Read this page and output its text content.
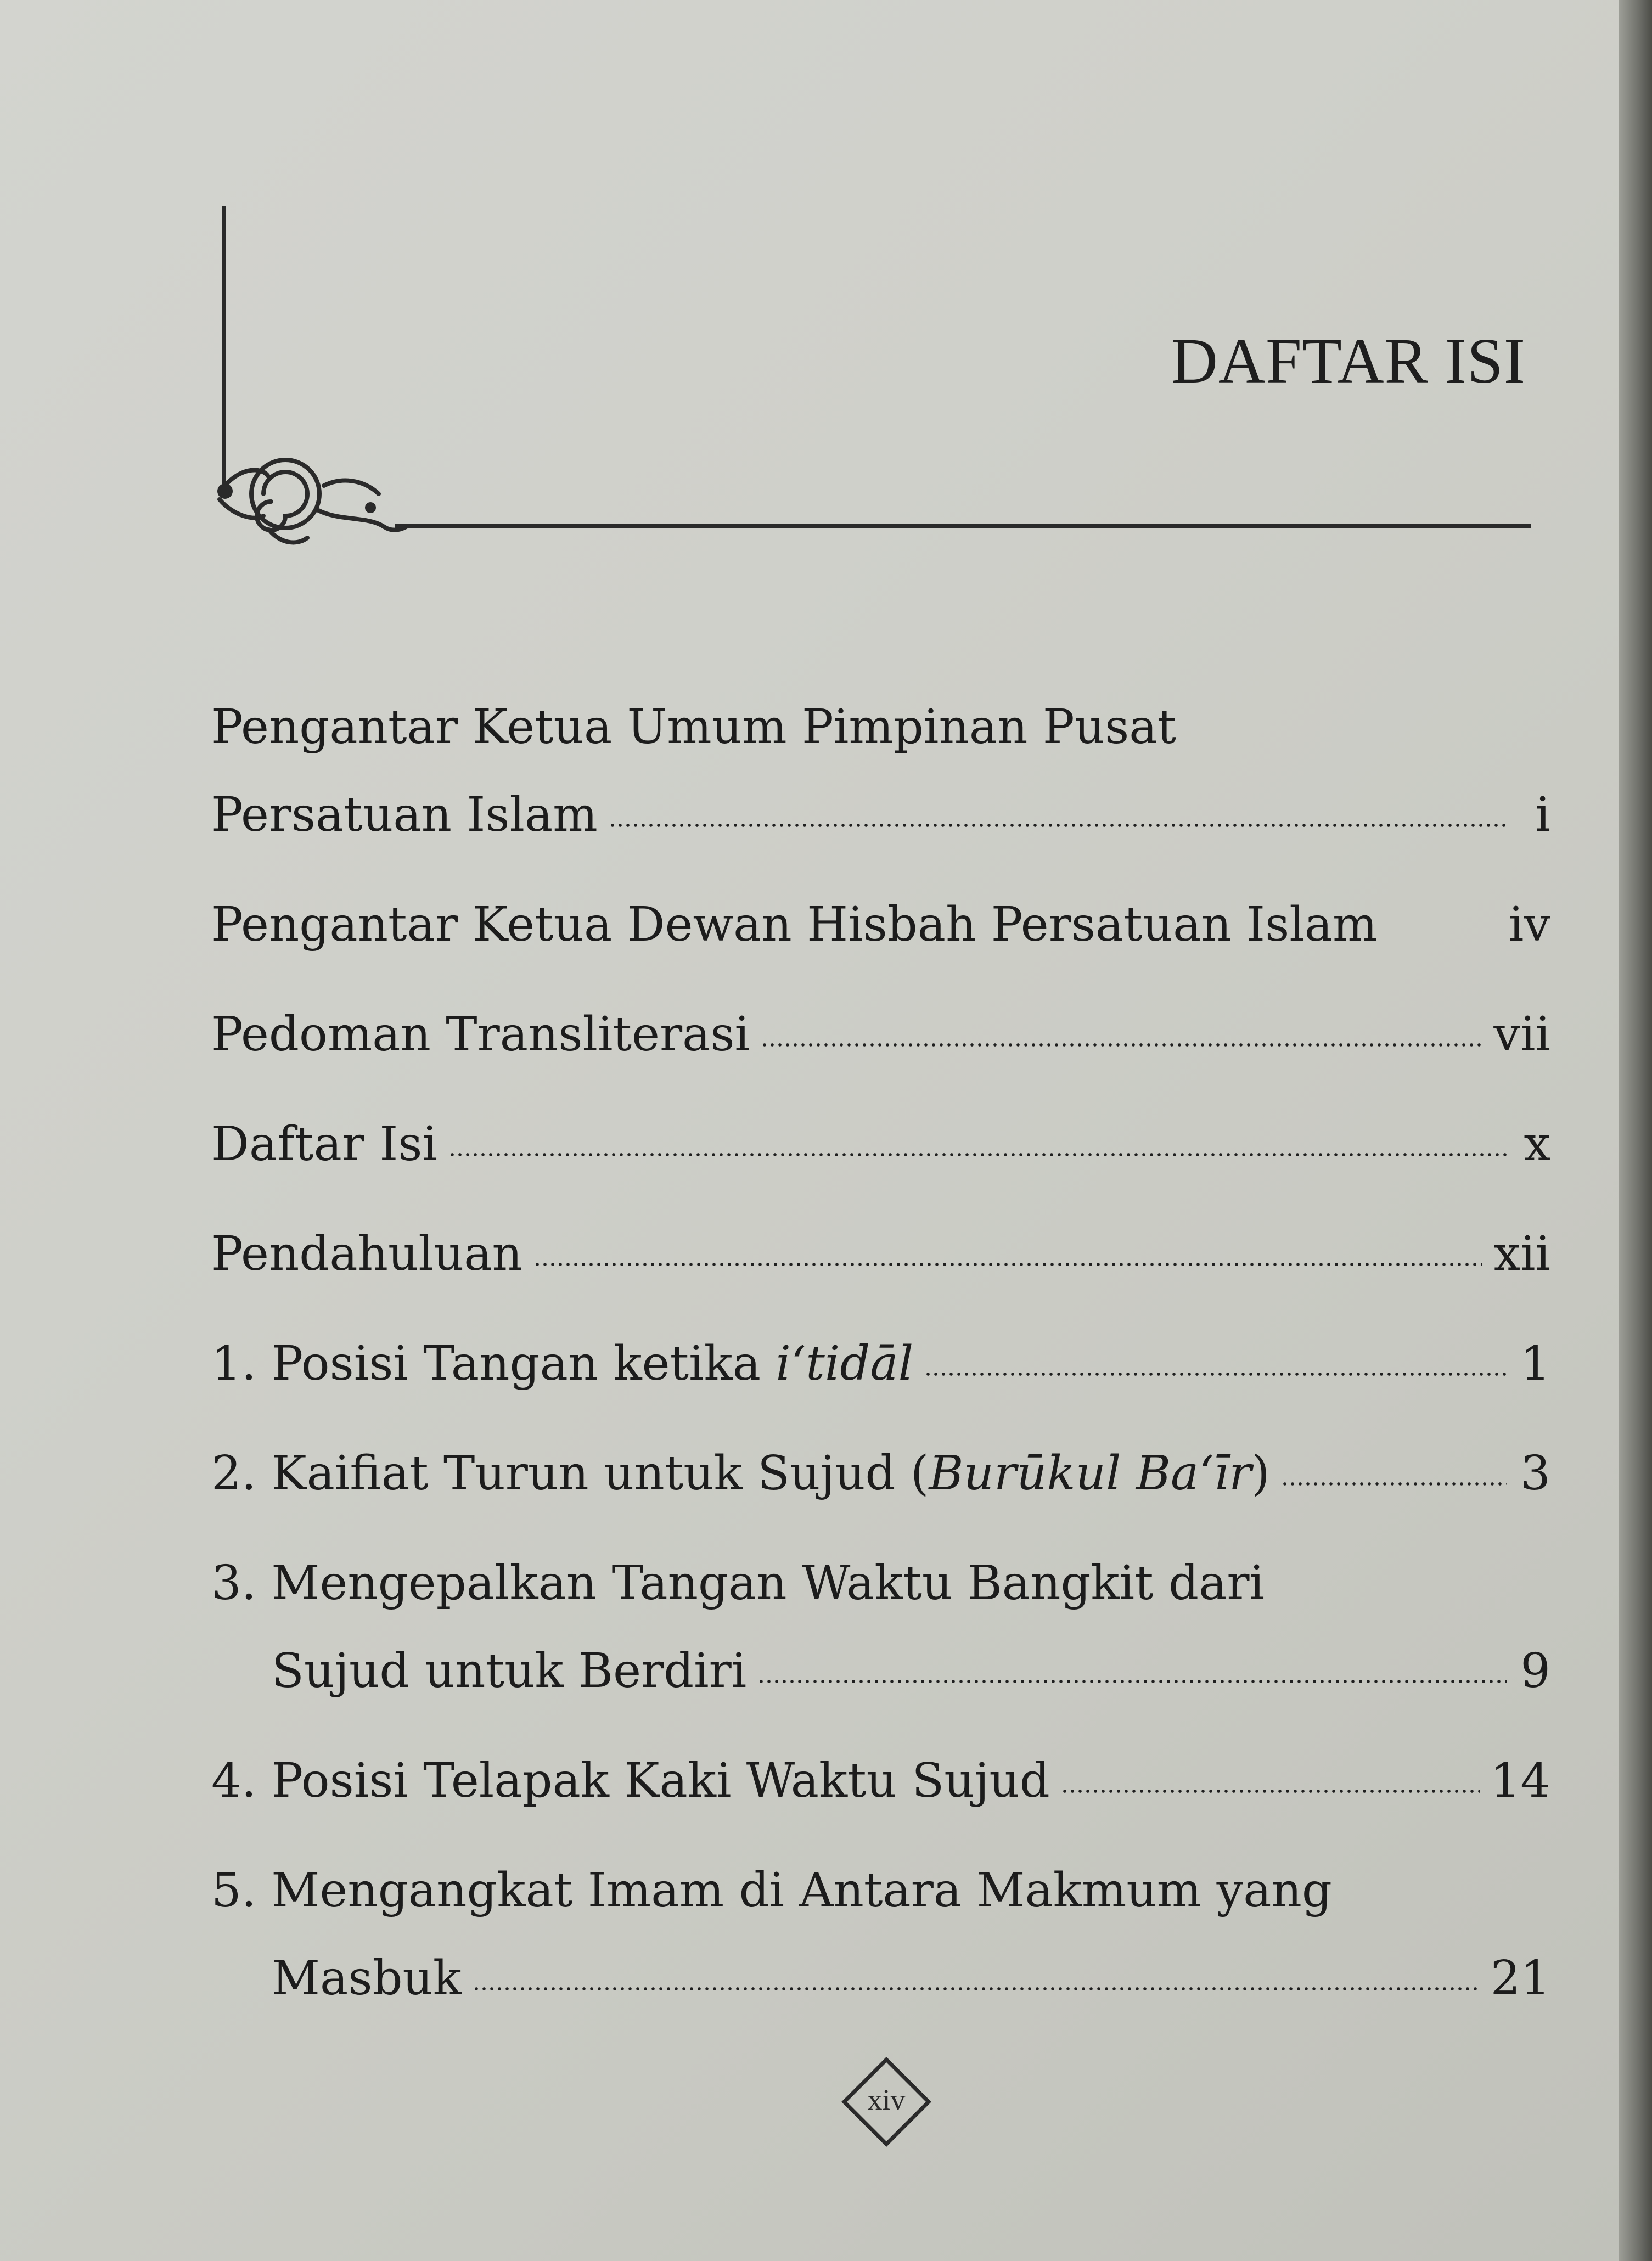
DAFTAR ISI
Pengantar Ketua Umum Pimpinan Pusat
Persatuan Islam	i
Pengantar Ketua Dewan Hisbah Persatuan Islam	iv
Pedoman Transliterasi	vii
Daftar Isi	x
Pendahuluan	xii
1. Posisi Tangan ketika i‘tidāl	1
2. Kaifiat Turun untuk Sujud (Burūkul Ba‘īr)	3
3. Mengepalkan Tangan Waktu Bangkit dari
Sujud untuk Berdiri	9
4. Posisi Telapak Kaki Waktu Sujud	14
5. Mengangkat Imam di Antara Makmum yang
Masbuk	21
xiv
